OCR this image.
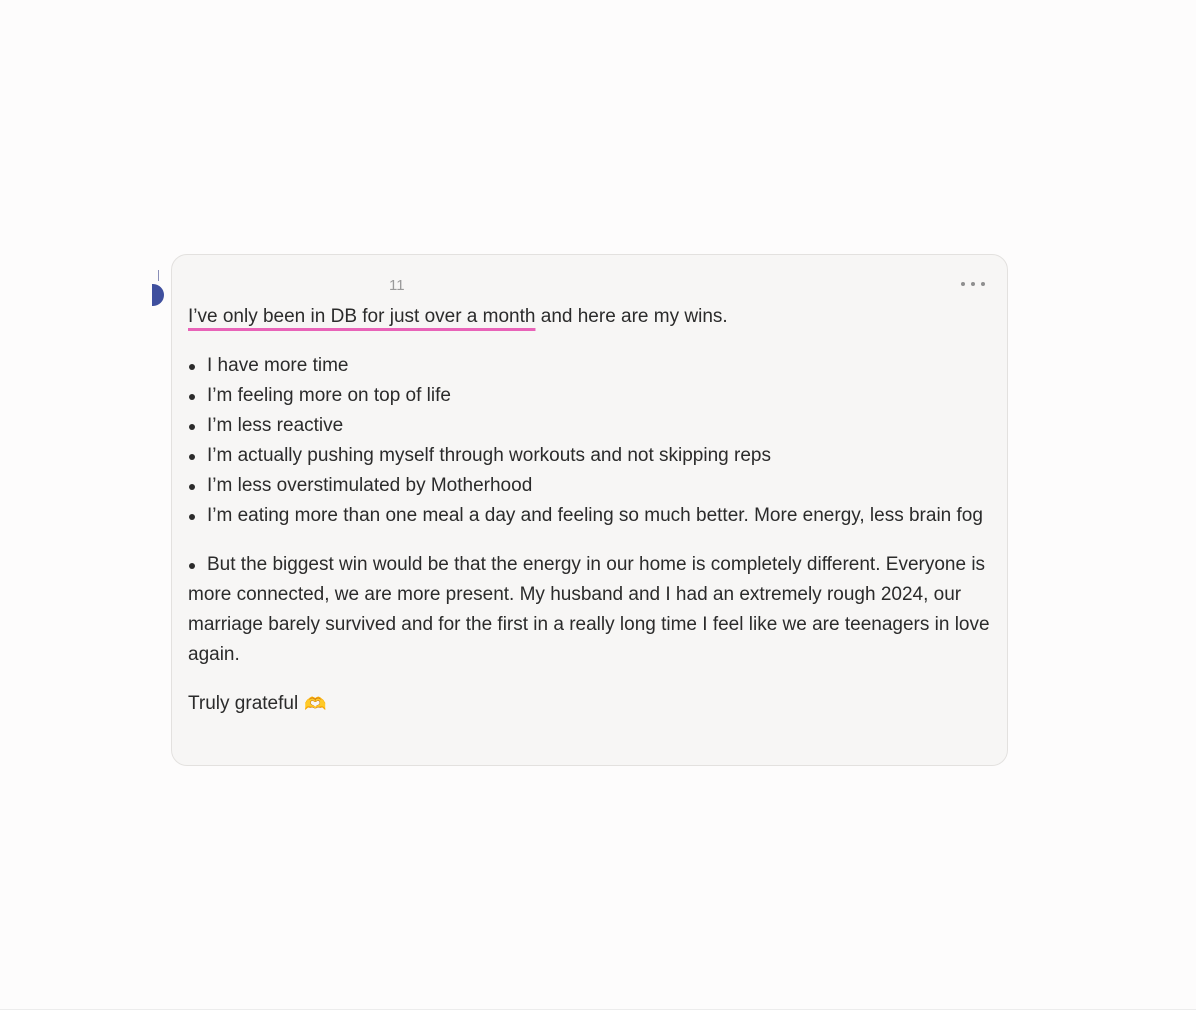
11

I’ve only been in DB for just over a month and here are my wins.

I have more time
I’m feeling more on top of life
I’m less reactive
I’m actually pushing myself through workouts and not skipping reps
I’m less overstimulated by Motherhood
I’m eating more than one meal a day and feeling so much better. More energy, less brain fog

But the biggest win would be that the energy in our home is completely different. Everyone is more connected, we are more present. My husband and I had an extremely rough 2024, our marriage barely survived and for the first in a really long time I feel like we are teenagers in love again.

Truly grateful 🫶
